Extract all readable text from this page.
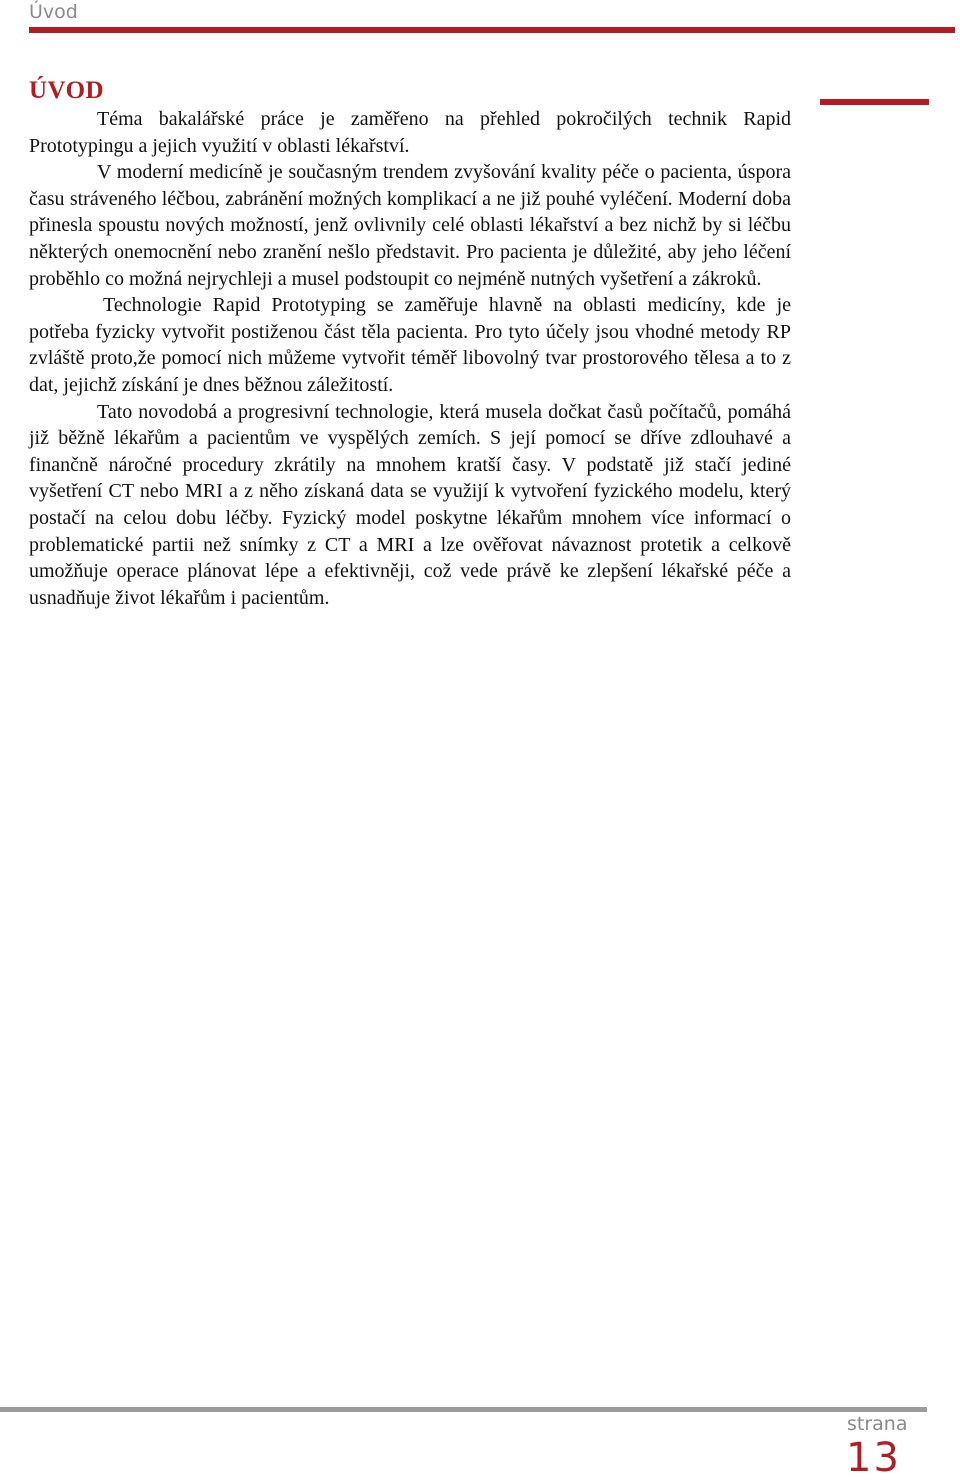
Úvod
ÚVOD

Téma bakalářské práce je zaměřeno na přehled pokročilých technik Rapid Prototypingu a jejich využití v oblasti lékařství.

V moderní medicíně je současným trendem zvyšování kvality péče o pacienta, úspora času stráveného léčbou, zabránění možných komplikací a ne již pouhé vyléčení. Moderní doba přinesla spoustu nových možností, jenž ovlivnily celé oblasti lékařství a bez nichž by si léčbu některých onemocnění nebo zranění nešlo představit. Pro pacienta je důležité, aby jeho léčení proběhlo co možná nejrychleji a musel podstoupit co nejméně nutných vyšetření a zákroků.

Technologie Rapid Prototyping se zaměřuje hlavně na oblasti medicíny, kde je potřeba fyzicky vytvořit postiženou část těla pacienta. Pro tyto účely jsou vhodné metody RP zvláště proto,že pomocí nich můžeme vytvořit téměř libovolný tvar prostorového tělesa a to z dat, jejichž získání je dnes běžnou záležitostí.

Tato novodobá a progresivní technologie, která musela dočkat časů počítačů, pomáhá již běžně lékařům a pacientům ve vyspělých zemích. S její pomocí se dříve zdlouhavé a finančně náročné procedury zkrátily na mnohem kratší časy. V podstatě již stačí jediné vyšetření CT nebo MRI a z něho získaná data se využijí k vytvoření fyzického modelu, který postačí na celou dobu léčby. Fyzický model poskytne lékařům mnohem více informací o problematické partii než snímky z CT a MRI a lze ověřovat návaznost protetik a celkově umožňuje operace plánovat lépe a efektivněji, což vede právě ke zlepšení lékařské péče a usnadňuje život lékařům i pacientům.

strana
13
